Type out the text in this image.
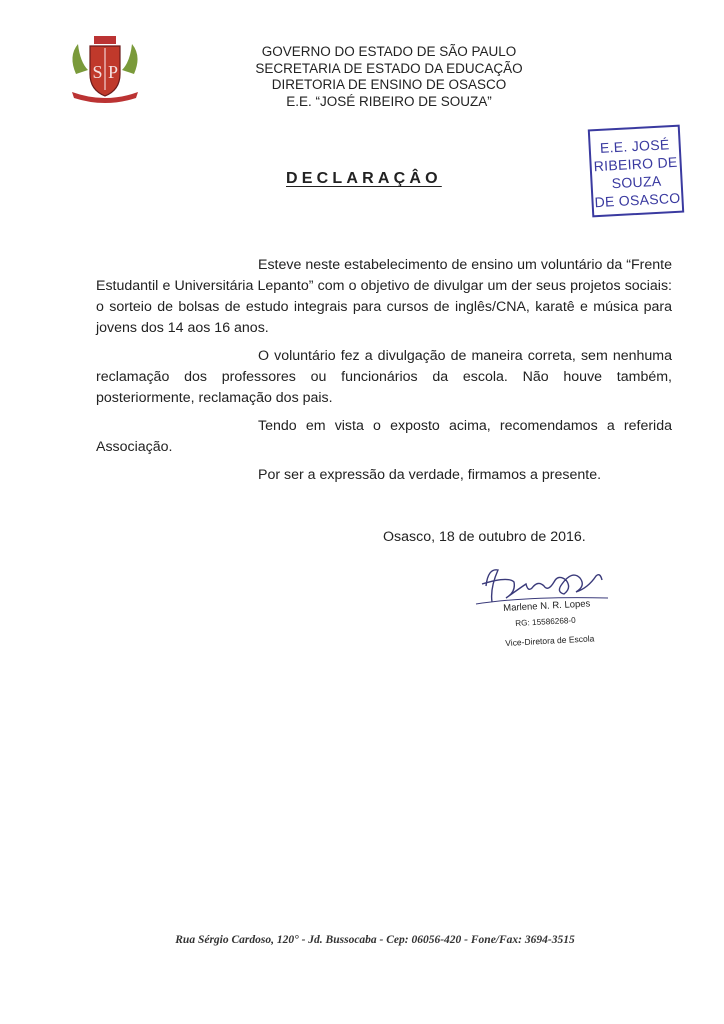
S P
GOVERNO DO ESTADO DE SÃO PAULO
SECRETARIA DE ESTADO DA EDUCAÇÃO
DIRETORIA DE ENSINO DE OSASCO
E.E. “JOSÉ RIBEIRO DE SOUZA”
E.E. JOSÉ
RIBEIRO DE
SOUZA
DE OSASCO
DECLARAÇÂO

Esteve neste estabelecimento de ensino um voluntário da “Frente Estudantil e Universitária Lepanto” com o objetivo de divulgar um der seus projetos sociais: o sorteio de bolsas de estudo integrais para cursos de inglês/CNA, karatê e música para jovens dos 14 aos 16 anos.

O voluntário fez a divulgação de maneira correta, sem nenhuma reclamação dos professores ou funcionários da escola. Não houve também, posteriormente, reclamação dos pais.

Tendo em vista o exposto acima, recomendamos a referida Associação.

Por ser a expressão da verdade, firmamos a presente.

Osasco, 18 de outubro de 2016.
Marlene N. R. Lopes
RG: 15586268-0
Vice-Diretora de Escola
Rua Sérgio Cardoso, 120° - Jd. Bussocaba - Cep: 06056-420 - Fone/Fax: 3694-3515
